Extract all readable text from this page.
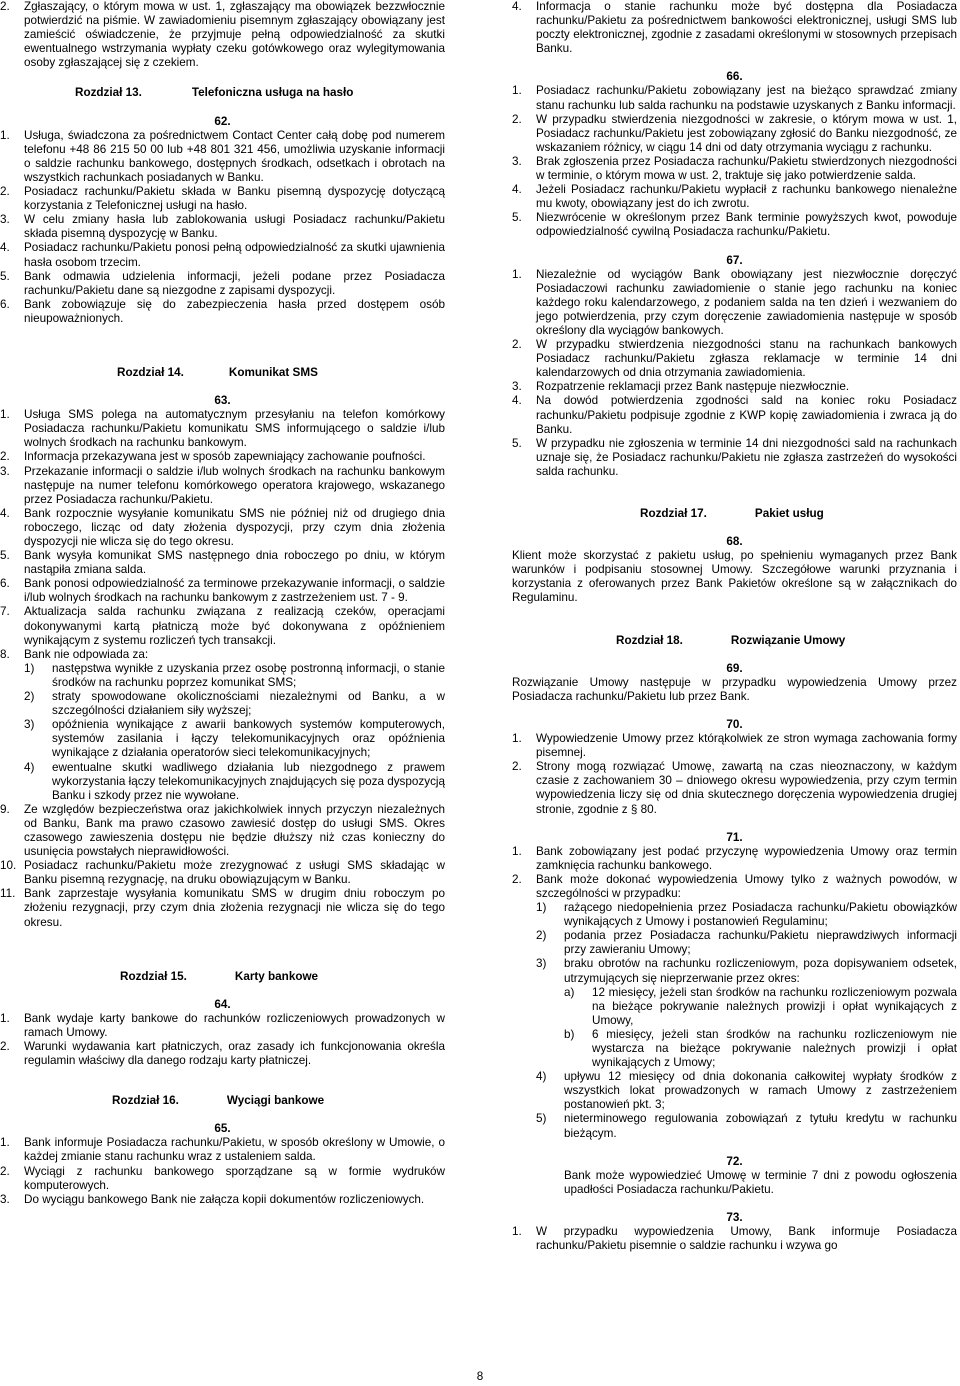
2.	Zgłaszający, o którym mowa w ust. 1, zgłaszający ma obowiązek bezzwłocznie potwierdzić na piśmie. W zawiadomieniu pisemnym zgłaszający obowiązany jest zamieścić oświadczenie, że przyjmuje pełną odpowiedzialność za skutki ewentualnego wstrzymania wypłaty czeku gotówkowego oraz wylegitymowania osoby zgłaszającej się z czekiem.
Rozdział 13.	Telefoniczna usługa na hasło
62.
1.	Usługa, świadczona za pośrednictwem Contact Center całą dobę pod numerem telefonu +48 86 215 50 00 lub +48 801 321 456, umożliwia uzyskanie informacji o saldzie rachunku bankowego, dostępnych środkach, odsetkach i obrotach na wszystkich rachunkach posiadanych w Banku.
2.	Posiadacz rachunku/Pakietu składa w Banku pisemną dyspozycję dotyczącą korzystania z Telefonicznej usługi na hasło.
3.	W celu zmiany hasła lub zablokowania usługi Posiadacz rachunku/Pakietu składa pisemną dyspozycję w Banku.
4.	Posiadacz rachunku/Pakietu ponosi pełną odpowiedzialność za skutki ujawnienia hasła osobom trzecim.
5.	Bank odmawia udzielenia informacji, jeżeli podane przez Posiadacza rachunku/Pakietu dane są niezgodne z zapisami dyspozycji.
6.	Bank zobowiązuje się do zabezpieczenia hasła przed dostępem osób nieupoważnionych.
Rozdział 14.	Komunikat SMS
63.
1.	Usługa SMS polega na automatycznym przesyłaniu na telefon komórkowy Posiadacza rachunku/Pakietu komunikatu SMS informującego o saldzie i/lub wolnych środkach na rachunku bankowym.
2.	Informacja przekazywana jest w sposób zapewniający zachowanie poufności.
3.	Przekazanie informacji o saldzie i/lub wolnych środkach na rachunku bankowym następuje na numer telefonu komórkowego operatora krajowego, wskazanego przez Posiadacza rachunku/Pakietu.
4.	Bank rozpocznie wysyłanie komunikatu SMS nie później niż od drugiego dnia roboczego, licząc od daty złożenia dyspozycji, przy czym dnia złożenia dyspozycji nie wlicza się do tego okresu.
5.	Bank wysyła komunikat SMS następnego dnia roboczego po dniu, w którym nastąpiła zmiana salda.
6.	Bank ponosi odpowiedzialność za terminowe przekazywanie informacji, o saldzie i/lub wolnych środkach na rachunku bankowym z zastrzeżeniem ust. 7 - 9.
7.	Aktualizacja salda rachunku związana z realizacją czeków, operacjami dokonywanymi kartą płatniczą może być dokonywana z opóźnieniem wynikającym z systemu rozliczeń tych transakcji.
8.	Bank nie odpowiada za:
1)	następstwa wynikłe z uzyskania przez osobę postronną informacji, o stanie środków na rachunku poprzez komunikat SMS;
2)	straty spowodowane okolicznościami niezależnymi od Banku, a w szczególności działaniem siły wyższej;
3)	opóźnienia wynikające z awarii bankowych systemów komputerowych, systemów zasilania i łączy telekomunikacyjnych oraz opóźnienia wynikające z działania operatorów sieci telekomunikacyjnych;
4)	ewentualne skutki wadliwego działania lub niezgodnego z prawem wykorzystania łączy telekomunikacyjnych znajdujących się poza dyspozycją Banku i szkody przez nie wywołane.
9.	Ze względów bezpieczeństwa oraz jakichkolwiek innych przyczyn niezależnych od Banku, Bank ma prawo czasowo zawiesić dostęp do usługi SMS. Okres czasowego zawieszenia dostępu nie będzie dłuższy niż czas konieczny do usunięcia powstałych nieprawidłowości.
10. Posiadacz rachunku/Pakietu może zrezygnować z usługi SMS składając w Banku pisemną rezygnację, na druku obowiązującym w Banku.
11. Bank zaprzestaje wysyłania komunikatu SMS w drugim dniu roboczym po złożeniu rezygnacji, przy czym dnia złożenia rezygnacji nie wlicza się do tego okresu.
Rozdział 15.	Karty bankowe
64.
1.	Bank wydaje karty bankowe do rachunków rozliczeniowych prowadzonych w ramach Umowy.
2.	Warunki wydawania kart płatniczych, oraz zasady ich funkcjonowania określa regulamin właściwy dla danego rodzaju karty płatniczej.
Rozdział 16.	Wyciągi bankowe
65.
1.	Bank informuje Posiadacza rachunku/Pakietu, w sposób określony w Umowie, o każdej zmianie stanu rachunku wraz z ustaleniem salda.
2.	Wyciągi z rachunku bankowego sporządzane są w formie wydruków komputerowych.
3.	Do wyciągu bankowego Bank nie załącza kopii dokumentów rozliczeniowych.
4.	Informacja o stanie rachunku może być dostępna dla Posiadacza rachunku/Pakietu za pośrednictwem bankowości elektronicznej, usługi SMS lub poczty elektronicznej, zgodnie z zasadami określonymi w stosownych przepisach Banku.
66.
1.	Posiadacz rachunku/Pakietu zobowiązany jest na bieżąco sprawdzać zmiany stanu rachunku lub salda rachunku na podstawie uzyskanych z Banku informacji.
2.	W przypadku stwierdzenia niezgodności w zakresie, o którym mowa w ust. 1, Posiadacz rachunku/Pakietu jest zobowiązany zgłosić do Banku niezgodność, ze wskazaniem różnicy, w ciągu 14 dni od daty otrzymania wyciągu z rachunku.
3.	Brak zgłoszenia przez Posiadacza rachunku/Pakietu stwierdzonych niezgodności w terminie, o którym mowa w ust. 2, traktuje się jako potwierdzenie salda.
4.	Jeżeli Posiadacz rachunku/Pakietu wypłacił z rachunku bankowego nienależne mu kwoty, obowiązany jest do ich zwrotu.
5.	Niezwrócenie w określonym przez Bank terminie powyższych kwot, powoduje odpowiedzialność cywilną Posiadacza rachunku/Pakietu.
67.
1.	Niezależnie od wyciągów Bank obowiązany jest niezwłocznie doręczyć Posiadaczowi rachunku zawiadomienie o stanie jego rachunku na koniec każdego roku kalendarzowego, z podaniem salda na ten dzień i wezwaniem do jego potwierdzenia, przy czym doręczenie zawiadomienia następuje w sposób określony dla wyciągów bankowych.
2.	W przypadku stwierdzenia niezgodności stanu na rachunkach bankowych Posiadacz rachunku/Pakietu zgłasza reklamacje w terminie 14 dni kalendarzowych od dnia otrzymania zawiadomienia.
3.	Rozpatrzenie reklamacji przez Bank następuje niezwłocznie.
4.	Na dowód potwierdzenia zgodności sald na koniec roku Posiadacz rachunku/Pakietu podpisuje zgodnie z KWP kopię zawiadomienia i zwraca ją do Banku.
5.	W przypadku nie zgłoszenia w terminie 14 dni niezgodności sald na rachunkach uznaje się, że Posiadacz rachunku/Pakietu nie zgłasza zastrzeżeń do wysokości salda rachunku.
Rozdział 17.	Pakiet usług
68.
Klient może skorzystać z pakietu usług, po spełnieniu wymaganych przez Bank warunków i podpisaniu stosownej Umowy. Szczegółowe warunki przyznania i korzystania z oferowanych przez Bank Pakietów określone są w załącznikach do Regulaminu.
Rozdział 18.	Rozwiązanie Umowy
69.
Rozwiązanie Umowy następuje w przypadku wypowiedzenia Umowy przez Posiadacza rachunku/Pakietu lub przez Bank.
70.
1.	Wypowiedzenie Umowy przez którąkolwiek ze stron wymaga zachowania formy pisemnej.
2.	Strony mogą rozwiązać Umowę, zawartą na czas nieoznaczony, w każdym czasie z zachowaniem 30 – dniowego okresu wypowiedzenia, przy czym termin wypowiedzenia liczy się od dnia skutecznego doręczenia wypowiedzenia drugiej stronie, zgodnie z § 80.
71.
1.	Bank zobowiązany jest podać przyczynę wypowiedzenia Umowy oraz termin zamknięcia rachunku bankowego.
2.	Bank może dokonać wypowiedzenia Umowy tylko z ważnych powodów, w szczególności w przypadku:
1)	rażącego niedopełnienia przez Posiadacza rachunku/Pakietu obowiązków wynikających z Umowy i postanowień Regulaminu;
2)	podania przez Posiadacza rachunku/Pakietu nieprawdziwych informacji przy zawieraniu Umowy;
3)	braku obrotów na rachunku rozliczeniowym, poza dopisywaniem odsetek, utrzymujących się nieprzerwanie przez okres:
a)	12 miesięcy, jeżeli stan środków na rachunku rozliczeniowym pozwala na bieżące pokrywanie należnych prowizji i opłat wynikających z Umowy,
b)	6 miesięcy, jeżeli stan środków na rachunku rozliczeniowym nie wystarcza na bieżące pokrywanie należnych prowizji i opłat wynikających z Umowy;
4)	upływu 12 miesięcy od dnia dokonania całkowitej wypłaty środków z wszystkich lokat prowadzonych w ramach Umowy z zastrzeżeniem postanowień pkt. 3;
5)	nieterminowego regulowania zobowiązań z tytułu kredytu w rachunku bieżącym.
72.
Bank może wypowiedzieć Umowę w terminie 7 dni z powodu ogłoszenia upadłości Posiadacza rachunku/Pakietu.
73.
1.	W przypadku wypowiedzenia Umowy, Bank informuje Posiadacza rachunku/Pakietu pisemnie o saldzie rachunku i wzywa go
8
